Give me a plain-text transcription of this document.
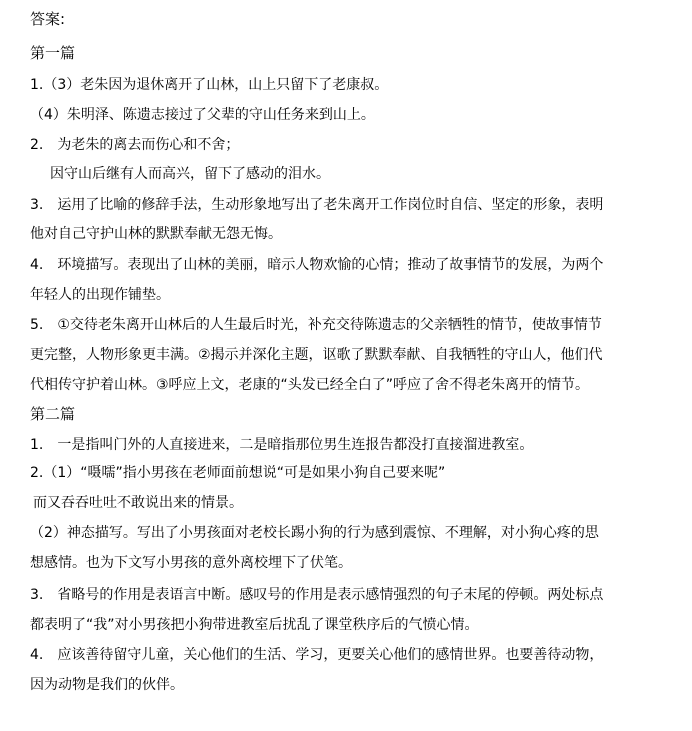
答案:
第一篇
1.（3）老朱因为退休离开了山林，山上只留下了老康叔。
（4）朱明泽、陈遗志接过了父辈的守山任务来到山上。
2.　为老朱的离去而伤心和不舍；
因守山后继有人而高兴，留下了感动的泪水。
3.　运用了比喻的修辞手法，生动形象地写出了老朱离开工作岗位时自信、坚定的形象，表明
他对自己守护山林的默默奉献无怨无悔。
4.　环境描写。表现出了山林的美丽，暗示人物欢愉的心情；推动了故事情节的发展，为两个
年轻人的出现作铺垫。
5.　①交待老朱离开山林后的人生最后时光，补充交待陈遗志的父亲牺牲的情节，使故事情节
更完整，人物形象更丰满。②揭示并深化主题，讴歌了默默奉献、自我牺牲的守山人，他们代
代相传守护着山林。③呼应上文，老康的“头发已经全白了”呼应了舍不得老朱离开的情节。
第二篇
1.　一是指叫门外的人直接进来，二是暗指那位男生连报告都没打直接溜进教室。
2.（1）“嗫嚅”指小男孩在老师面前想说“可是如果小狗自己要来呢”
而又吞吞吐吐不敢说出来的情景。
（2）神态描写。写出了小男孩面对老校长踢小狗的行为感到震惊、不理解，对小狗心疼的思
想感情。也为下文写小男孩的意外离校埋下了伏笔。
3.　省略号的作用是表语言中断。感叹号的作用是表示感情强烈的句子末尾的停顿。两处标点
都表明了“我”对小男孩把小狗带进教室后扰乱了课堂秩序后的气愤心情。
4.　应该善待留守儿童，关心他们的生活、学习，更要关心他们的感情世界。也要善待动物，
因为动物是我们的伙伴。
